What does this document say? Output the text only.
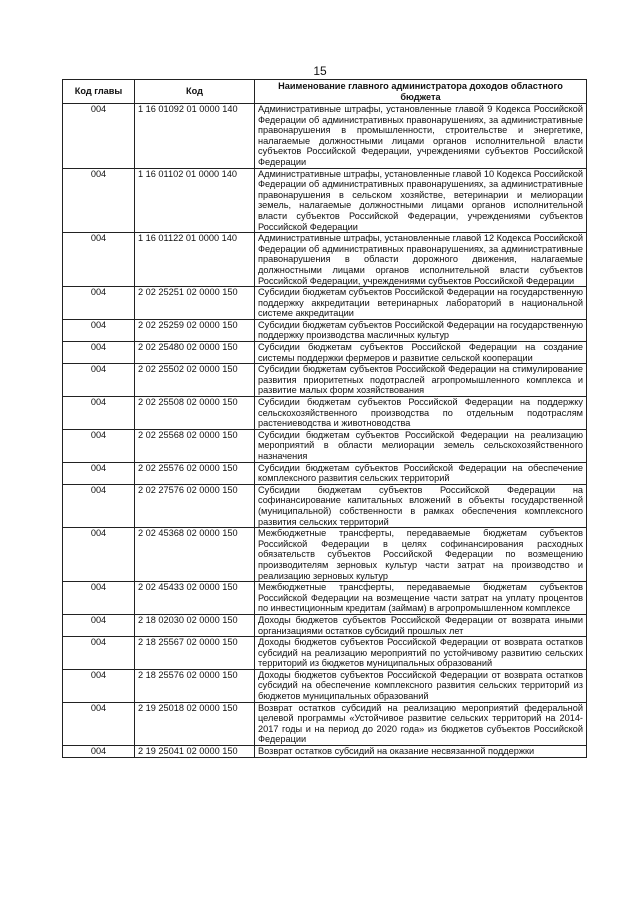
15
Код главы	Код	Наименование главного администратора доходов областного бюджета
004	1 16 01092 01 0000 140	Административные штрафы, установленные главой 9 Кодекса Российской Федерации об административных правонарушениях, за административные правонарушения в промышленности, строительстве и энергетике, налагаемые должностными лицами органов исполнительной власти субъектов Российской Федерации, учреждениями субъектов Российской Федерации
004	1 16 01102 01 0000 140	Административные штрафы, установленные главой 10 Кодекса Российской Федерации об административных правонарушениях, за административные правонарушения в сельском хозяйстве, ветеринарии и мелиорации земель, налагаемые должностными лицами органов исполнительной власти субъектов Российской Федерации, учреждениями субъектов Российской Федерации
004	1 16 01122 01 0000 140	Административные штрафы, установленные главой 12 Кодекса Российской Федерации об административных правонарушениях, за административные правонарушения в области дорожного движения, налагаемые должностными лицами органов исполнительной власти субъектов Российской Федерации, учреждениями субъектов Российской Федерации
004	2 02 25251 02 0000 150	Субсидии бюджетам субъектов Российской Федерации на государственную поддержку аккредитации ветеринарных лабораторий в национальной системе аккредитации
004	2 02 25259 02 0000 150	Субсидии бюджетам субъектов Российской Федерации на государственную поддержку производства масличных культур
004	2 02 25480 02 0000 150	Субсидии бюджетам субъектов Российской Федерации на создание системы поддержки фермеров и развитие сельской кооперации
004	2 02 25502 02 0000 150	Субсидии бюджетам субъектов Российской Федерации на стимулирование развития приоритетных подотраслей агропромышленного комплекса и развитие малых форм хозяйствования
004	2 02 25508 02 0000 150	Субсидии бюджетам субъектов Российской Федерации на поддержку сельскохозяйственного производства по отдельным подотраслям растениеводства и животноводства
004	2 02 25568 02 0000 150	Субсидии бюджетам субъектов Российской Федерации на реализацию мероприятий в области мелиорации земель сельскохозяйственного назначения
004	2 02 25576 02 0000 150	Субсидии бюджетам субъектов Российской Федерации на обеспечение комплексного развития сельских территорий
004	2 02 27576 02 0000 150	Субсидии бюджетам субъектов Российской Федерации на софинансирование капитальных вложений в объекты государственной (муниципальной) собственности в рамках обеспечения комплексного развития сельских территорий
004	2 02 45368 02 0000 150	Межбюджетные трансферты, передаваемые бюджетам субъектов Российской Федерации в целях софинансирования расходных обязательств субъектов Российской Федерации по возмещению производителям зерновых культур части затрат на производство и реализацию зерновых культур
004	2 02 45433 02 0000 150	Межбюджетные трансферты, передаваемые бюджетам субъектов Российской Федерации на возмещение части затрат на уплату процентов по инвестиционным кредитам (займам) в агропромышленном комплексе
004	2 18 02030 02 0000 150	Доходы бюджетов субъектов Российской Федерации от возврата иными организациями остатков субсидий прошлых лет
004	2 18 25567 02 0000 150	Доходы бюджетов субъектов Российской Федерации от возврата остатков субсидий на реализацию мероприятий по устойчивому развитию сельских территорий из бюджетов муниципальных образований
004	2 18 25576 02 0000 150	Доходы бюджетов субъектов Российской Федерации от возврата остатков субсидий на обеспечение комплексного развития сельских территорий из бюджетов муниципальных образований
004	2 19 25018 02 0000 150	Возврат остатков субсидий на реализацию мероприятий федеральной целевой программы «Устойчивое развитие сельских территорий на 2014-2017 годы и на период до 2020 года» из бюджетов субъектов Российской Федерации
004	2 19 25041 02 0000 150	Возврат остатков субсидий на оказание несвязанной поддержки
